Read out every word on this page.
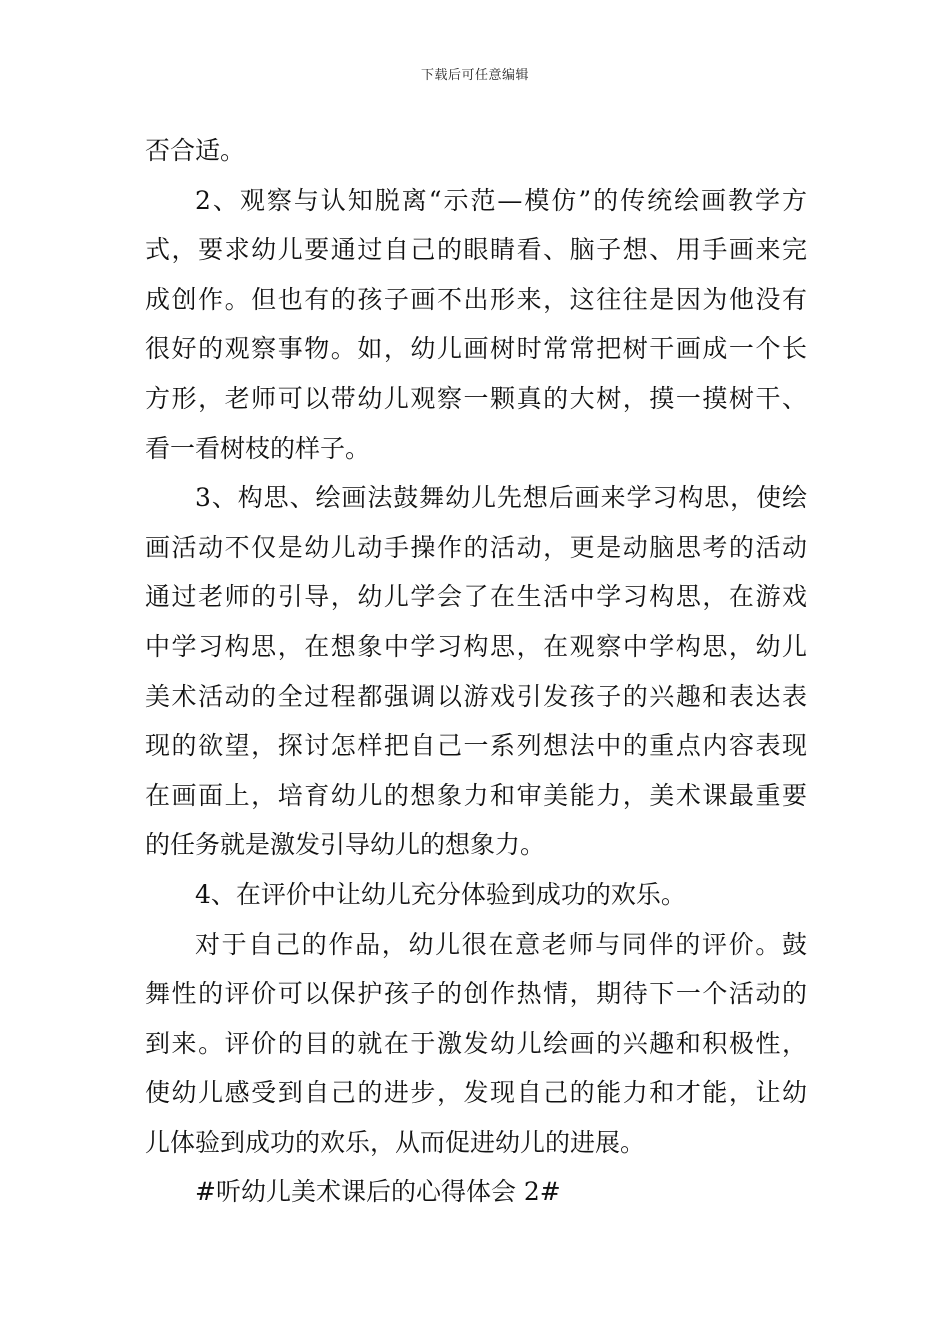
下载后可任意编辑
否合适。
2、观察与认知脱离“示范—模仿”的传统绘画教学方
式，要求幼儿要通过自己的眼睛看、脑子想、用手画来完
成创作。但也有的孩子画不出形来，这往往是因为他没有
很好的观察事物。如，幼儿画树时常常把树干画成一个长
方形，老师可以带幼儿观察一颗真的大树，摸一摸树干、
看一看树枝的样子。
3、构思、绘画法鼓舞幼儿先想后画来学习构思，使绘
画活动不仅是幼儿动手操作的活动，更是动脑思考的活动
通过老师的引导，幼儿学会了在生活中学习构思，在游戏
中学习构思，在想象中学习构思，在观察中学构思，幼儿
美术活动的全过程都强调以游戏引发孩子的兴趣和表达表
现的欲望，探讨怎样把自己一系列想法中的重点内容表现
在画面上，培育幼儿的想象力和审美能力，美术课最重要
的任务就是激发引导幼儿的想象力。
4、在评价中让幼儿充分体验到成功的欢乐。
对于自己的作品，幼儿很在意老师与同伴的评价。鼓
舞性的评价可以保护孩子的创作热情，期待下一个活动的
到来。评价的目的就在于激发幼儿绘画的兴趣和积极性，
使幼儿感受到自己的进步，发现自己的能力和才能，让幼
儿体验到成功的欢乐，从而促进幼儿的进展。
#听幼儿美术课后的心得体会 2#
